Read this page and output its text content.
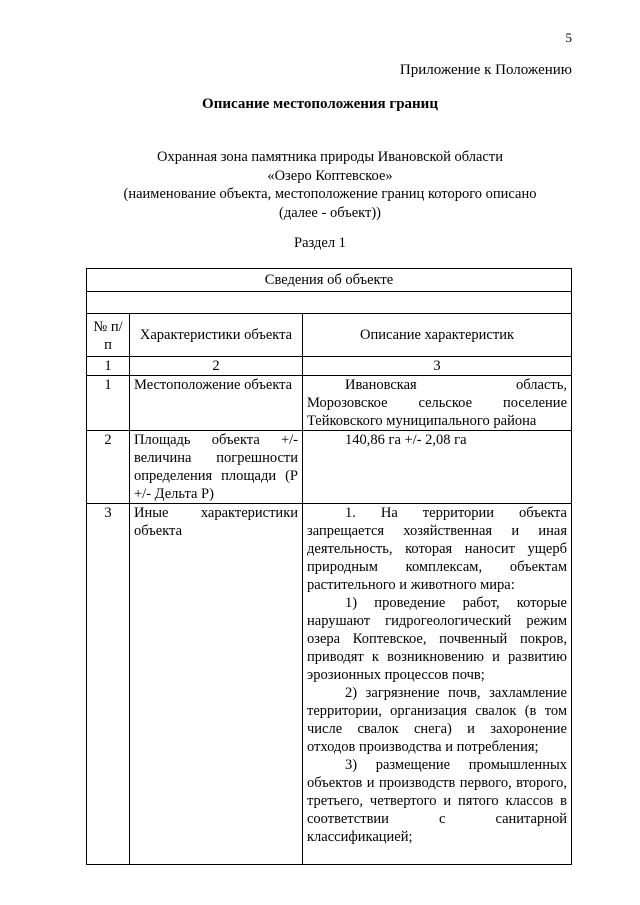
5
Приложение к Положению
Описание местоположения границ
Охранная зона памятника природы Ивановской области
«Озеро Коптевское»
(наименование объекта, местоположение границ которого описано
(далее - объект))
Раздел 1
Сведения об объекте		

№ п/п	Характеристики объекта	Описание характеристик
1	2	3
1	Местоположение объекта	Ивановская область,
Морозовское сельское поселение
Тейковского муниципального района

2	Площадь объекта +/- величина погрешности определения площади (Р +/- Дельта Р)	140,86 га +/- 2,08 га

3	Иные характеристики объекта	1. На территории объекта запрещается хозяйственная и иная деятельность, которая наносит ущерб природным комплексам, объектам растительного и животного мира:
1) проведение работ, которые нарушают гидрогеологический режим озера Коптевское, почвенный покров, приводят к возникновению и развитию эрозионных процессов почв;
2) загрязнение почв, захламление территории, организация свалок (в том числе свалок снега) и захоронение отходов производства и потребления;
3) размещение промышленных объектов и производств первого, второго, третьего, четвертого и пятого классов в соответствии с санитарной классификацией;
